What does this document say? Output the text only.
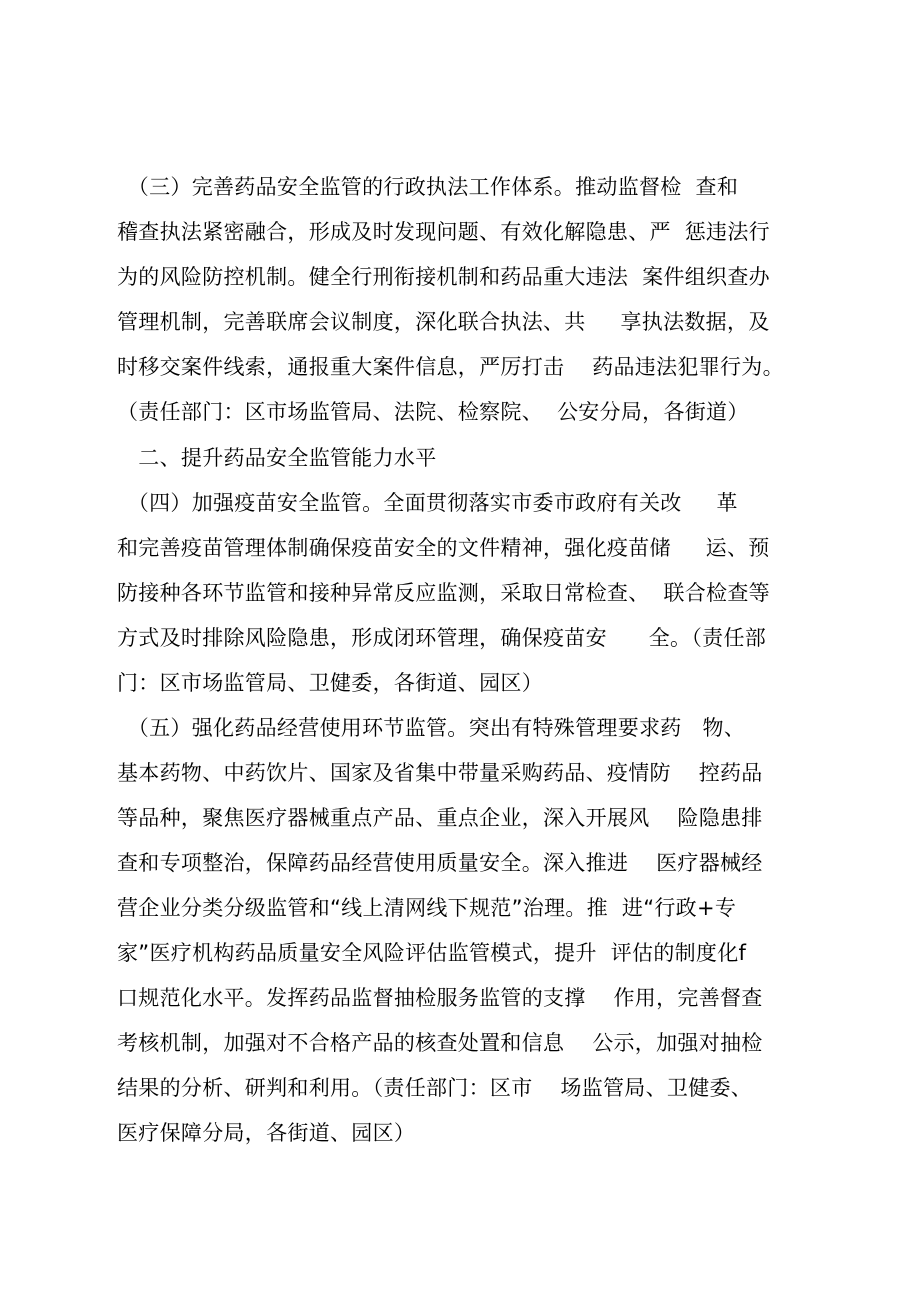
　（三）完善药品安全监管的行政执法工作体系。推动监督检  查和
稽查执法紧密融合，形成及时发现问题、有效化解隐患、严  惩违法行
为的风险防控机制。健全行刑衔接机制和药品重大违法  案件组织查办
管理机制，完善联席会议制度，深化联合执法、共     享执法数据，及
时移交案件线索，通报重大案件信息，严厉打击    药品违法犯罪行为。
（责任部门：区市场监管局、法院、检察院、  公安分局，各街道）
　二、提升药品安全监管能力水平
　（四）加强疫苗安全监管。全面贯彻落实市委市政府有关改     革
和完善疫苗管理体制确保疫苗安全的文件精神，强化疫苗储     运、预
防接种各环节监管和接种异常反应监测，采取日常检查、  联合检查等
方式及时排除风险隐患，形成闭环管理，确保疫苗安      全。（责任部
门：区市场监管局、卫健委，各街道、园区）
　（五）强化药品经营使用环节监管。突出有特殊管理要求药   物、
基本药物、中药饮片、国家及省集中带量采购药品、疫情防    控药品
等品种，聚焦医疗器械重点产品、重点企业，深入开展风    险隐患排
查和专项整治，保障药品经营使用质量安全。深入推进    医疗器械经
营企业分类分级监管和“线上清网线下规范”治理。推  进“行政+专
家”医疗机构药品质量安全风险评估监管模式，提升  评估的制度化f
口规范化水平。发挥药品监督抽检服务监管的支撑    作用，完善督查
考核机制，加强对不合格产品的核查处置和信息    公示，加强对抽检
结果的分析、研判和利用。（责任部门：区市    场监管局、卫健委、
医疗保障分局，各街道、园区）
